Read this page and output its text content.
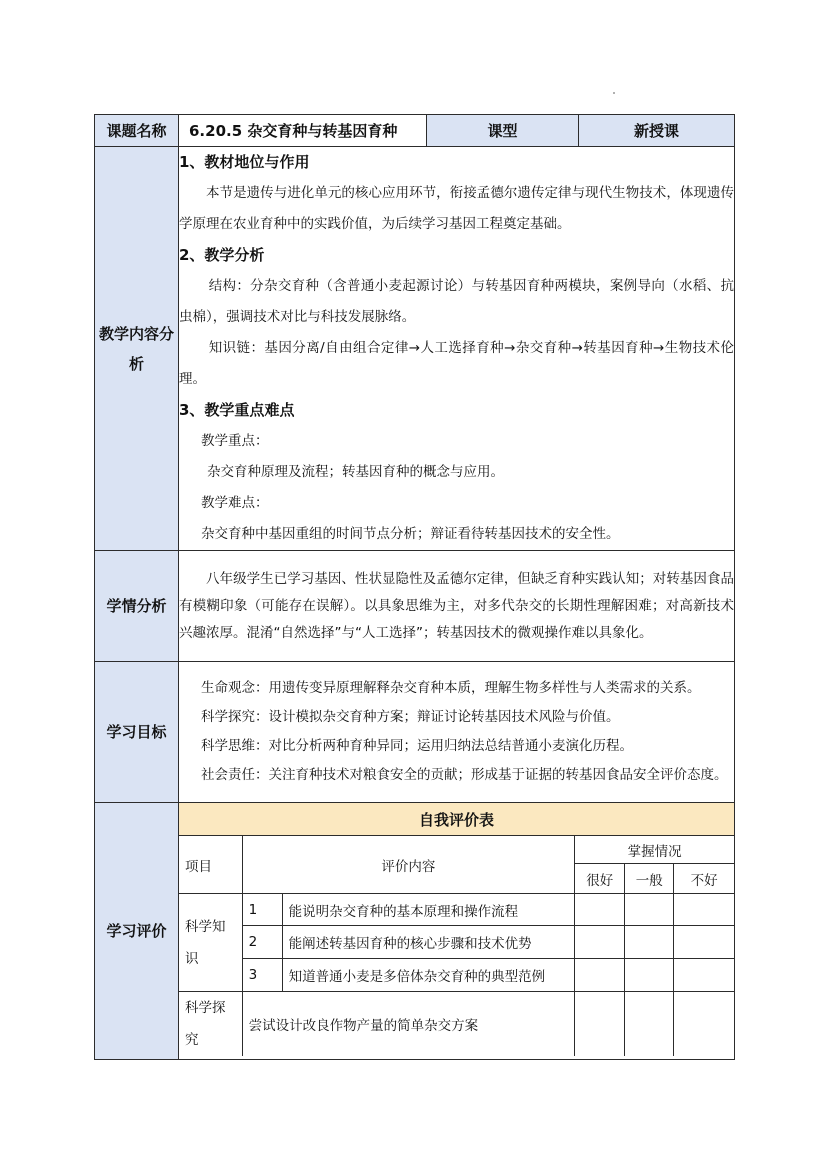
课题名称	6.20.5 杂交育种与转基因育种	课型	新授课
教学内容分析	
1、教材地位与作用
本节是遗传与进化单元的核心应用环节，衔接孟德尔遗传定律与现代生物技术，体现遗传学原理在农业育种中的实践价值，为后续学习基因工程奠定基础。
2、教学分析
结构：分杂交育种（含普通小麦起源讨论）与转基因育种两模块，案例导向（水稻、抗虫棉），强调技术对比与科技发展脉络。
知识链：基因分离/自由组合定律→人工选择育种→杂交育种→转基因育种→生物技术伦理。
3、教学重点难点
教学重点：
杂交育种原理及流程；转基因育种的概念与应用。
教学难点：
杂交育种中基因重组的时间节点分析；辩证看待转基因技术的安全性。

学情分析	
八年级学生已学习基因、性状显隐性及孟德尔定律，但缺乏育种实践认知；对转基因食品有模糊印象（可能存在误解）。以具象思维为主，对多代杂交的长期性理解困难；对高新技术兴趣浓厚。混淆“自然选择”与“人工选择”；转基因技术的微观操作难以具象化。

学习目标	
生命观念：用遗传变异原理解释杂交育种本质，理解生物多样性与人类需求的关系。
科学探究：设计模拟杂交育种方案；辩证讨论转基因技术风险与价值。
科学思维：对比分析两种育种异同；运用归纳法总结普通小麦演化历程。
社会责任：关注育种技术对粮食安全的贡献；形成基于证据的转基因食品安全评价态度。

学习评价	
自我评价表
项目	评价内容	掌握情况
很好	一般	不好
科学知识	1	能说明杂交育种的基本原理和操作流程			
2	能阐述转基因育种的核心步骤和技术优势			
3	知道普通小麦是多倍体杂交育种的典型范例			
科学探究	尝试设计改良作物产量的简单杂交方案			
